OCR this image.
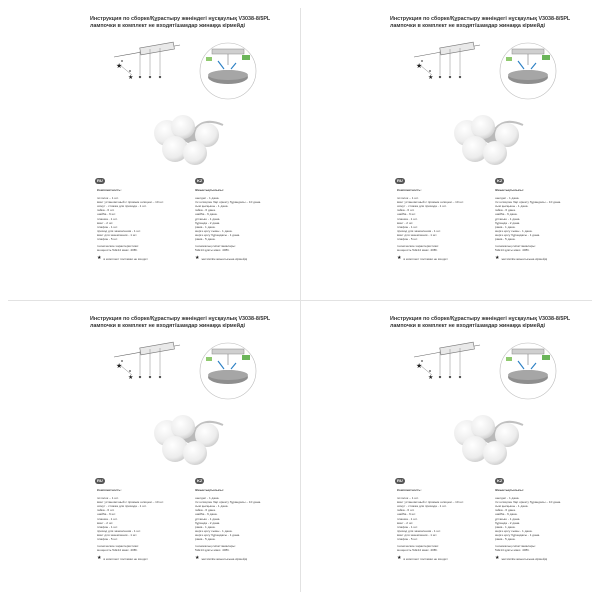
Инструкция по сборке/Құрастыру жөніндегі нұсқаулық V3038-8/5PL
лампочки в комплект не входят/шамдар жинаққа кірмейді
★
★
RU	KZ
Комплектность:
потолок – 1 шт.
винт установочный с прямым шлицем – 10 шт.
хомут - стяжка для провода - 1 шт.
гайка - 6 шт.
шайба - 6 шт.
плашка - 1 шт.
винт - 2 шт.
плафон - 1 шт.
провод для заземления - 1 шт.
винт для заземления - 1 шт.
плафон - 5 шт.
технические характеристики:
мощность 5хЕ14 макс. 40Вт.
★ в комплект поставки не входит
Жиынтықтылығы:
шөлдеп - 1 дана.
тік шлицпен бар орнату бұрандасы – 10 дана.
сым қысқышы - 1 дана.
гайка - 6 дана.
шайба - 6 дана.
ұстағыш - 1 дана.
бұранда - 2 дана.
рама - 1 дана.
жерге қосу сымы - 1 дана.
жерге қосу бұрандасы - 1 дана.
рама - 5 дана.
техникалық сипаттамалары:
5хЕ14 қуаты макс. 40Вт.
★ жеткізілім жиынтығына кірмейді
Инструкция по сборке/Құрастыру жөніндегі нұсқаулық V3038-8/5PL
лампочки в комплект не входят/шамдар жинаққа кірмейді
★
★
RU	KZ
Комплектность:
потолок – 1 шт.
винт установочный с прямым шлицем – 10 шт.
хомут - стяжка для провода - 1 шт.
гайка - 6 шт.
шайба - 6 шт.
плашка - 1 шт.
винт - 2 шт.
плафон - 1 шт.
провод для заземления - 1 шт.
винт для заземления - 1 шт.
плафон - 5 шт.
технические характеристики:
мощность 5хЕ14 макс. 40Вт.
★ в комплект поставки не входит
Жиынтықтылығы:
шөлдеп - 1 дана.
тік шлицпен бар орнату бұрандасы – 10 дана.
сым қысқышы - 1 дана.
гайка - 6 дана.
шайба - 6 дана.
ұстағыш - 1 дана.
бұранда - 2 дана.
рама - 1 дана.
жерге қосу сымы - 1 дана.
жерге қосу бұрандасы - 1 дана.
рама - 5 дана.
техникалық сипаттамалары:
5хЕ14 қуаты макс. 40Вт.
★ жеткізілім жиынтығына кірмейді
Инструкция по сборке/Құрастыру жөніндегі нұсқаулық V3038-8/5PL
лампочки в комплект не входят/шамдар жинаққа кірмейді
★
★
RU	KZ
Комплектность:
потолок – 1 шт.
винт установочный с прямым шлицем – 10 шт.
хомут - стяжка для провода - 1 шт.
гайка - 6 шт.
шайба - 6 шт.
плашка - 1 шт.
винт - 2 шт.
плафон - 1 шт.
провод для заземления - 1 шт.
винт для заземления - 1 шт.
плафон - 5 шт.
технические характеристики:
мощность 5хЕ14 макс. 40Вт.
★ в комплект поставки не входит
Жиынтықтылығы:
шөлдеп - 1 дана.
тік шлицпен бар орнату бұрандасы – 10 дана.
сым қысқышы - 1 дана.
гайка - 6 дана.
шайба - 6 дана.
ұстағыш - 1 дана.
бұранда - 2 дана.
рама - 1 дана.
жерге қосу сымы - 1 дана.
жерге қосу бұрандасы - 1 дана.
рама - 5 дана.
техникалық сипаттамалары:
5хЕ14 қуаты макс. 40Вт.
★ жеткізілім жиынтығына кірмейді
Инструкция по сборке/Құрастыру жөніндегі нұсқаулық V3038-8/5PL
лампочки в комплект не входят/шамдар жинаққа кірмейді
★
★
RU	KZ
Комплектность:
потолок – 1 шт.
винт установочный с прямым шлицем – 10 шт.
хомут - стяжка для провода - 1 шт.
гайка - 6 шт.
шайба - 6 шт.
плашка - 1 шт.
винт - 2 шт.
плафон - 1 шт.
провод для заземления - 1 шт.
винт для заземления - 1 шт.
плафон - 5 шт.
технические характеристики:
мощность 5хЕ14 макс. 40Вт.
★ в комплект поставки не входит
Жиынтықтылығы:
шөлдеп - 1 дана.
тік шлицпен бар орнату бұрандасы – 10 дана.
сым қысқышы - 1 дана.
гайка - 6 дана.
шайба - 6 дана.
ұстағыш - 1 дана.
бұранда - 2 дана.
рама - 1 дана.
жерге қосу сымы - 1 дана.
жерге қосу бұрандасы - 1 дана.
рама - 5 дана.
техникалық сипаттамалары:
5хЕ14 қуаты макс. 40Вт.
★ жеткізілім жиынтығына кірмейді
